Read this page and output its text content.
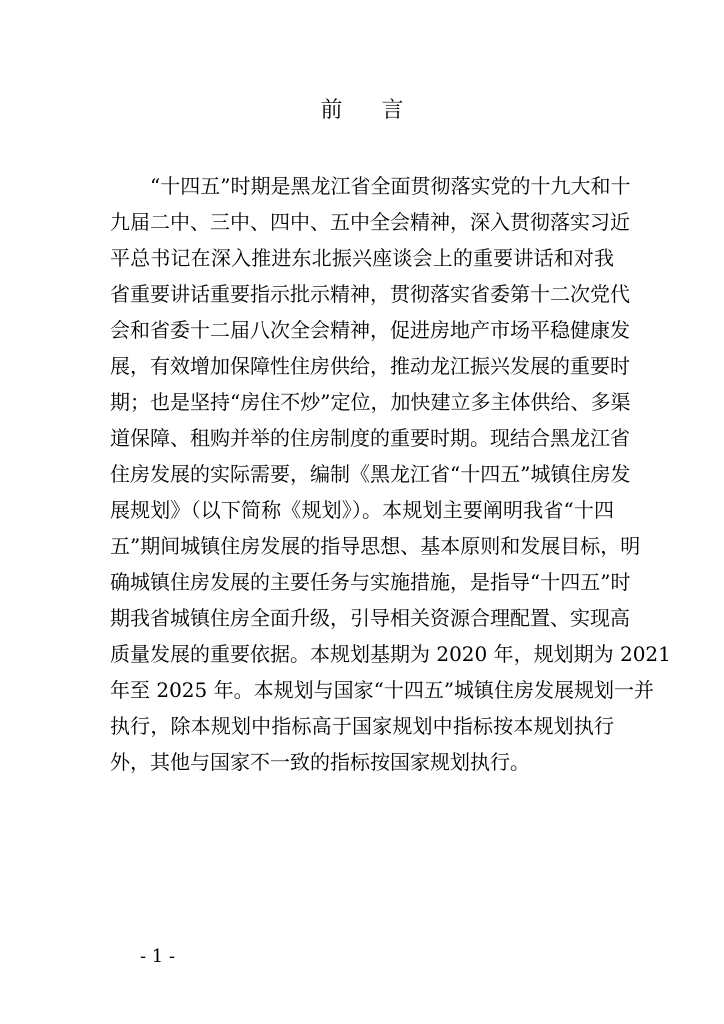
前 言
“十四五”时期是黑龙江省全面贯彻落实党的十九大和十
九届二中、三中、四中、五中全会精神，深入贯彻落实习近
平总书记在深入推进东北振兴座谈会上的重要讲话和对我
省重要讲话重要指示批示精神，贯彻落实省委第十二次党代
会和省委十二届八次全会精神，促进房地产市场平稳健康发
展，有效增加保障性住房供给，推动龙江振兴发展的重要时
期；也是坚持“房住不炒”定位，加快建立多主体供给、多渠
道保障、租购并举的住房制度的重要时期。现结合黑龙江省
住房发展的实际需要，编制《黑龙江省“十四五”城镇住房发
展规划》（以下简称《规划》）。本规划主要阐明我省“十四
五”期间城镇住房发展的指导思想、基本原则和发展目标，明
确城镇住房发展的主要任务与实施措施，是指导“十四五”时
期我省城镇住房全面升级，引导相关资源合理配置、实现高
质量发展的重要依据。本规划基期为 2020 年，规划期为 2021
年至 2025 年。本规划与国家“十四五”城镇住房发展规划一并
执行，除本规划中指标高于国家规划中指标按本规划执行
外，其他与国家不一致的指标按国家规划执行。
- 1 -
